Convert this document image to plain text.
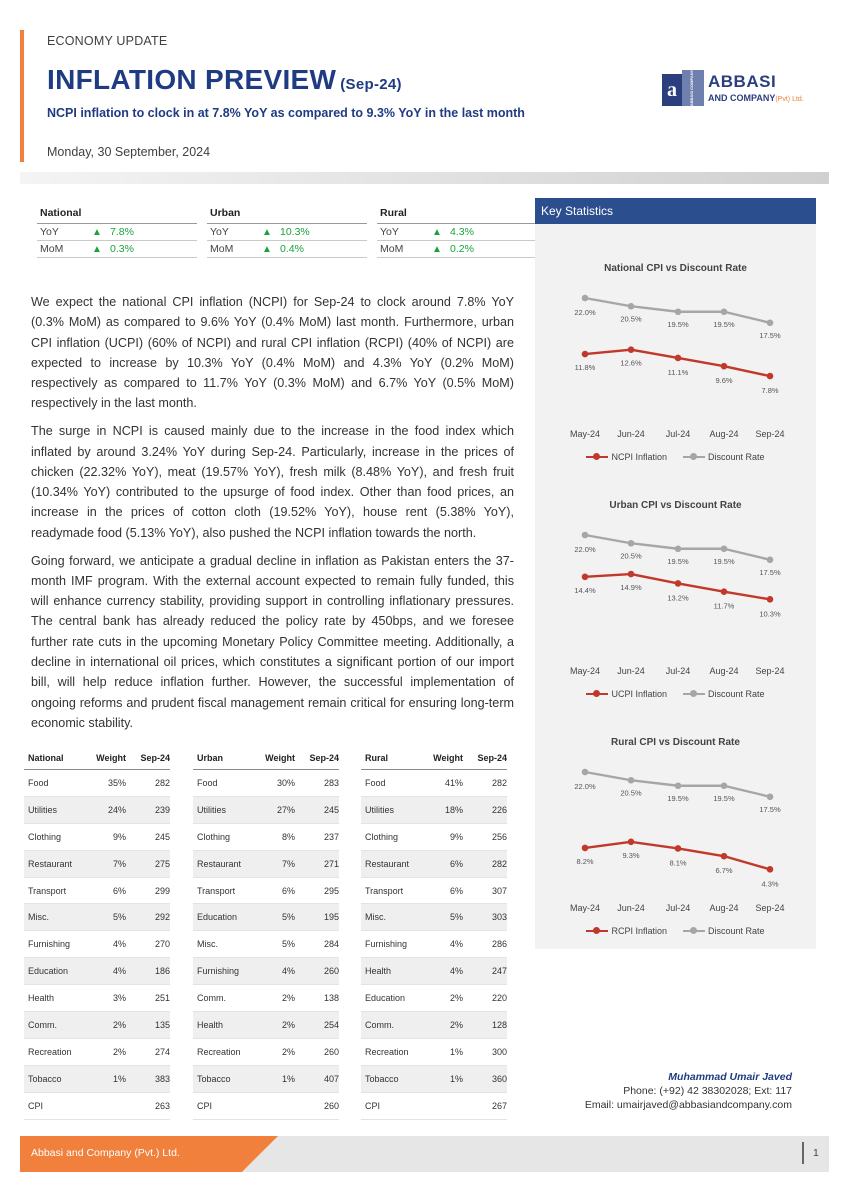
ECONOMY UPDATE
INFLATION PREVIEW (Sep-24)
NCPI inflation to clock in at 7.8% YoY as compared to 9.3% YoY in the last month
Monday, 30 September, 2024
a	ABBASI COMPANY ABBASI
AND COMPANY(Pvt) Ltd.
National
YoY	▲ 7.8%
MoM	▲ 0.3%
Urban
YoY	▲ 10.3%
MoM	▲ 0.4%
Rural
YoY	▲ 4.3%
MoM	▲ 0.2%

We expect the national CPI inflation (NCPI) for Sep-24 to clock around 7.8% YoY (0.3% MoM) as compared to 9.6% YoY (0.4% MoM) last month. Furthermore, urban CPI inflation (UCPI) (60% of NCPI) and rural CPI inflation (RCPI) (40% of NCPI) are expected to increase by 10.3% YoY (0.4% MoM) and 4.3% YoY (0.2% MoM) respectively as compared to 11.7% YoY (0.3% MoM) and 6.7% YoY (0.5% MoM) respectively in the last month.

The surge in NCPI is caused mainly due to the increase in the food index which inflated by around 3.24% YoY during Sep-24. Particularly, increase in the prices of chicken (22.32% YoY), meat (19.57% YoY), fresh milk (8.48% YoY), and fresh fruit (10.34% YoY) contributed to the upsurge of food index. Other than food prices, an increase in the prices of cotton cloth (19.52% YoY), house rent (5.38% YoY), readymade food (5.13% YoY), also pushed the NCPI inflation towards the north.

Going forward, we anticipate a gradual decline in inflation as Pakistan enters the 37-month IMF program. With the external account expected to remain fully funded, this will enhance currency stability, providing support in controlling inflationary pressures. The central bank has already reduced the policy rate by 450bps, and we foresee further rate cuts in the upcoming Monetary Policy Committee meeting. Additionally, a decline in international oil prices, which constitutes a significant portion of our import bill, will help reduce inflation further. However, the successful implementation of ongoing reforms and prudent fiscal management remain critical for ensuring long-term economic stability.

National	Weight	Sep-24
Food	35%	282
Utilities	24%	239
Clothing	9%	245
Restaurant	7%	275
Transport	6%	299
Misc.	5%	292
Furnishing	4%	270
Education	4%	186
Health	3%	251
Comm.	2%	135
Recreation	2%	274
Tobacco	1%	383
CPI	263
Urban	Weight	Sep-24
Food	30%	283
Utilities	27%	245
Clothing	8%	237
Restaurant	7%	271
Transport	6%	295
Education	5%	195
Misc.	5%	284
Furnishing	4%	260
Comm.	2%	138
Health	2%	254
Recreation	2%	260
Tobacco	1%	407
CPI	260
Rural	Weight	Sep-24
Food	41%	282
Utilities	18%	226
Clothing	9%	256
Restaurant	6%	282
Transport	6%	307
Misc.	5%	303
Furnishing	4%	286
Health	4%	247
Education	2%	220
Comm.	2%	128
Recreation	1%	300
Tobacco	1%	360
CPI	267
Key Statistics
National CPI vs Discount Rate
22.0%
20.5%
19.5%	19.5%
17.5%
11.8%	12.6%
11.1%
9.6%
7.8%
May-24 Jun-24 Jul-24 Aug-24 Sep-24
NCPI Inflation	Discount Rate
Urban CPI vs Discount Rate
22.0%
20.5%
19.5%	19.5%
17.5%
14.4%	14.9%
13.2%
11.7%
10.3%
May-24 Jun-24 Jul-24 Aug-24 Sep-24
UCPI Inflation	Discount Rate
Rural CPI vs Discount Rate
22.0%
20.5%
19.5%	19.5%
17.5%
8.2%
9.3%
8.1%
6.7%
4.3%
May-24 Jun-24 Jul-24 Aug-24 Sep-24
RCPI Inflation	Discount Rate
Muhammad Umair Javed
Phone: (+92) 42 38302028; Ext: 117
Email: umairjaved@abbasiandcompany.com
Abbasi and Company (Pvt.) Ltd.	1
